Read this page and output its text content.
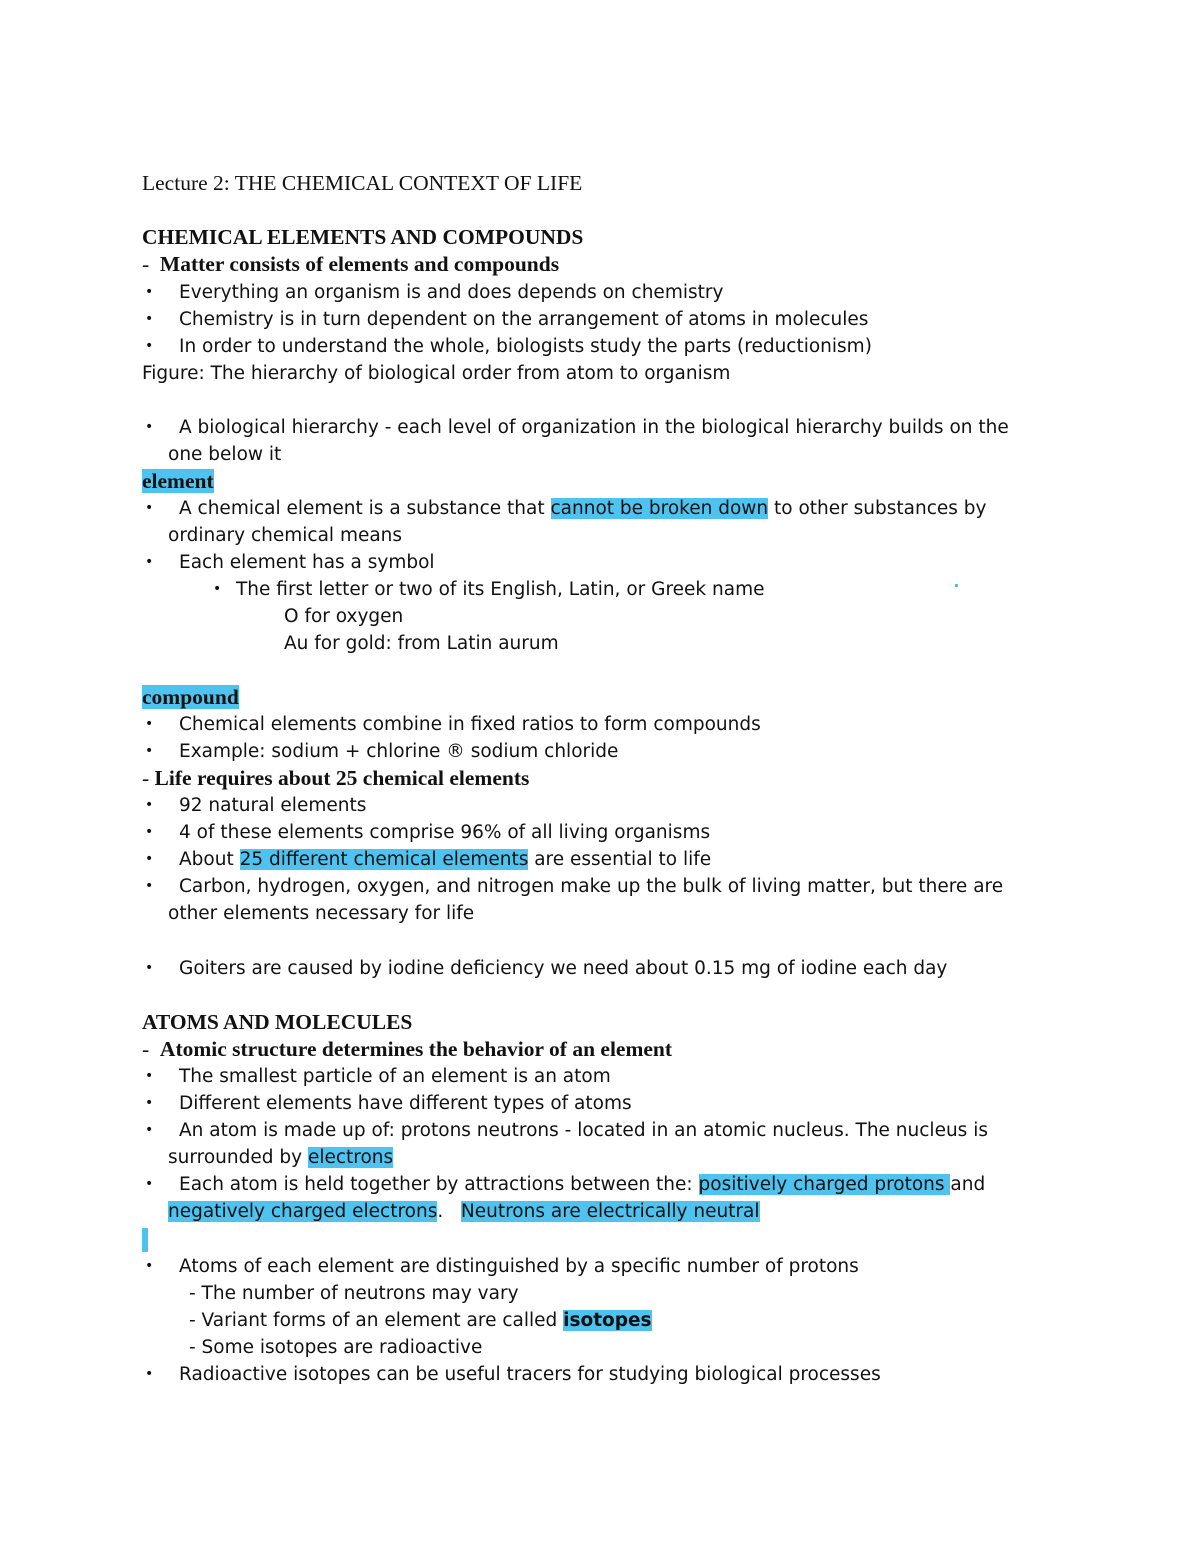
Lecture 2: THE CHEMICAL CONTEXT OF LIFE
CHEMICAL ELEMENTS AND COMPOUNDS
- Matter consists of elements and compounds
• Everything an organism is and does depends on chemistry
• Chemistry is in turn dependent on the arrangement of atoms in molecules
• In order to understand the whole, biologists study the parts (reductionism)
Figure: The hierarchy of biological order from atom to organism
• A biological hierarchy - each level of organization in the biological hierarchy builds on the
one below it
element
• A chemical element is a substance that cannot be broken down to other substances by
ordinary chemical means
• Each element has a symbol
• The first letter or two of its English, Latin, or Greek name
O for oxygen
Au for gold: from Latin aurum
compound
• Chemical elements combine in fixed ratios to form compounds
• Example: sodium + chlorine ® sodium chloride
- Life requires about 25 chemical elements
• 92 natural elements
• 4 of these elements comprise 96% of all living organisms
• About 25 different chemical elements are essential to life
• Carbon, hydrogen, oxygen, and nitrogen make up the bulk of living matter, but there are
other elements necessary for life
• Goiters are caused by iodine deficiency we need about 0.15 mg of iodine each day
ATOMS AND MOLECULES
- Atomic structure determines the behavior of an element
• The smallest particle of an element is an atom
• Different elements have different types of atoms
• An atom is made up of: protons neutrons - located in an atomic nucleus. The nucleus is
surrounded by electrons
• Each atom is held together by attractions between the: positively charged protons and
negatively charged electrons.   Neutrons are electrically neutral
• Atoms of each element are distinguished by a specific number of protons
- The number of neutrons may vary
- Variant forms of an element are called isotopes
- Some isotopes are radioactive
• Radioactive isotopes can be useful tracers for studying biological processes
